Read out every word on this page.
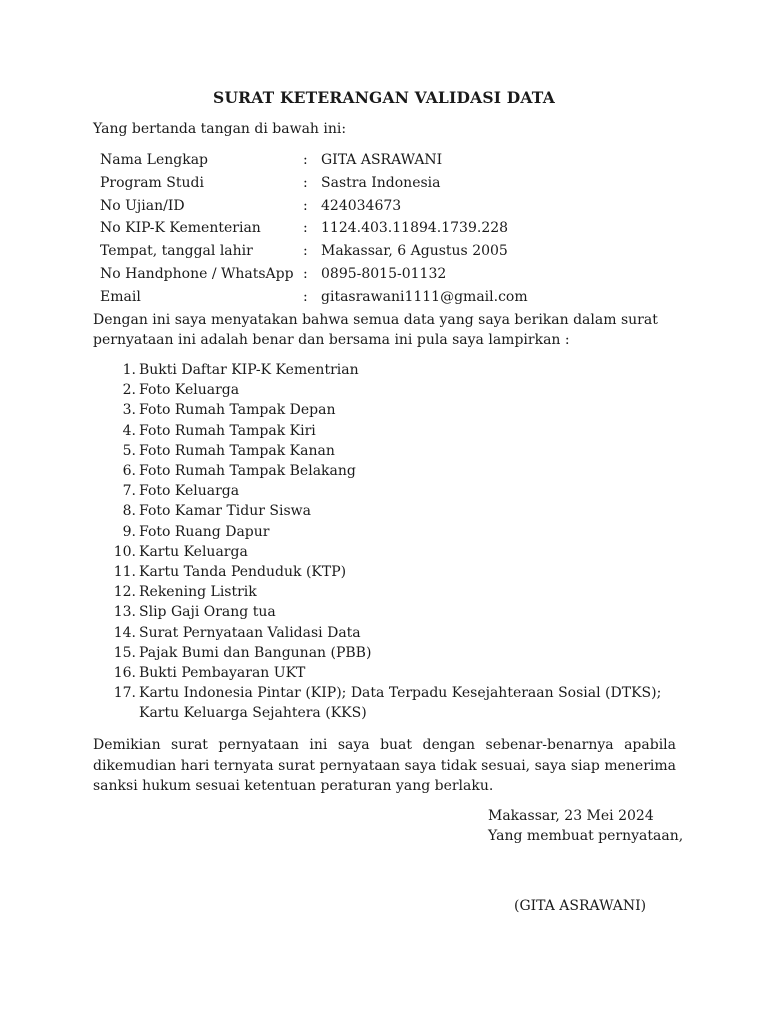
SURAT KETERANGAN VALIDASI DATA
Yang bertanda tangan di bawah ini:
Nama Lengkap	: GITA ASRAWANI
Program Studi	: Sastra Indonesia
No Ujian/ID	: 424034673
No KIP-K Kementerian	: 1124.403.11894.1739.228
Tempat, tanggal lahir	: Makassar, 6 Agustus 2005
No Handphone / WhatsApp : 0895-8015-01132
Email	: gitasrawani1111@gmail.com
Dengan ini saya menyatakan bahwa semua data yang saya berikan dalam surat pernyataan ini adalah benar dan bersama ini pula saya lampirkan :
1. Bukti Daftar KIP-K Kementrian
2. Foto Keluarga
3. Foto Rumah Tampak Depan
4. Foto Rumah Tampak Kiri
5. Foto Rumah Tampak Kanan
6. Foto Rumah Tampak Belakang
7. Foto Keluarga
8. Foto Kamar Tidur Siswa
9. Foto Ruang Dapur
10. Kartu Keluarga
11. Kartu Tanda Penduduk (KTP)
12. Rekening Listrik
13. Slip Gaji Orang tua
14. Surat Pernyataan Validasi Data
15. Pajak Bumi dan Bangunan (PBB)
16. Bukti Pembayaran UKT
17. Kartu Indonesia Pintar (KIP); Data Terpadu Kesejahteraan Sosial (DTKS); Kartu Keluarga Sejahtera (KKS)
Demikian surat pernyataan ini saya buat dengan sebenar-benarnya apabila dikemudian hari ternyata surat pernyataan saya tidak sesuai, saya siap menerima sanksi hukum sesuai ketentuan peraturan yang berlaku.
Makassar, 23 Mei 2024
Yang membuat pernyataan,
(GITA ASRAWANI)
